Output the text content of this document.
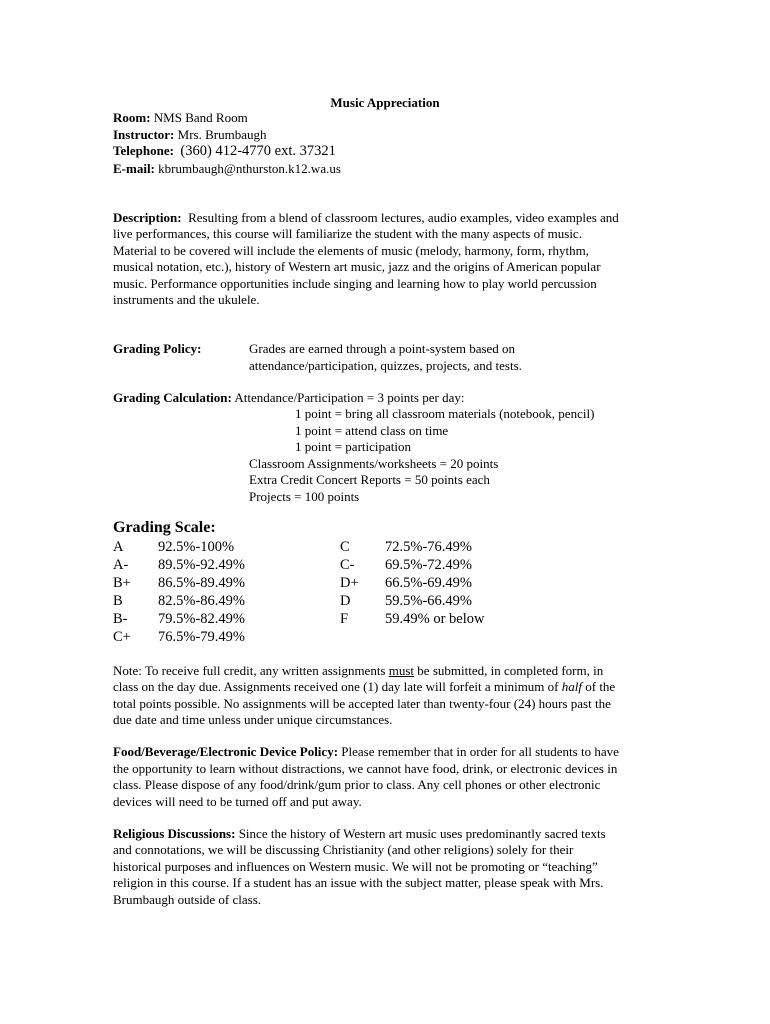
Music Appreciation
Room: NMS Band Room
Instructor: Mrs. Brumbaugh
Telephone: (360) 412-4770 ext. 37321
E-mail: kbrumbaugh@nthurston.k12.wa.us
Description: Resulting from a blend of classroom lectures, audio examples, video examples and
live performances, this course will familiarize the student with the many aspects of music.
Material to be covered will include the elements of music (melody, harmony, form, rhythm,
musical notation, etc.), history of Western art music, jazz and the origins of American popular
music. Performance opportunities include singing and learning how to play world percussion
instruments and the ukulele.
Grading Policy:	Grades are earned through a point-system based on
attendance/participation, quizzes, projects, and tests.
Grading Calculation: Attendance/Participation = 3 points per day:
1 point = bring all classroom materials (notebook, pencil)
1 point = attend class on time
1 point = participation
Classroom Assignments/worksheets = 20 points
Extra Credit Concert Reports = 50 points each
Projects = 100 points
Grading Scale:
A 92.5%-100%
A- 89.5%-92.49%
B+ 86.5%-89.49%
B 82.5%-86.49%
B- 79.5%-82.49%
C+ 76.5%-79.49%
C 72.5%-76.49%
C- 69.5%-72.49%
D+ 66.5%-69.49%
D 59.5%-66.49%
F	59.49% or below
Note: To receive full credit, any written assignments must be submitted, in completed form, in
class on the day due. Assignments received one (1) day late will forfeit a minimum of half of the
total points possible. No assignments will be accepted later than twenty-four (24) hours past the
due date and time unless under unique circumstances.
Food/Beverage/Electronic Device Policy: Please remember that in order for all students to have
the opportunity to learn without distractions, we cannot have food, drink, or electronic devices in
class. Please dispose of any food/drink/gum prior to class. Any cell phones or other electronic
devices will need to be turned off and put away.
Religious Discussions: Since the history of Western art music uses predominantly sacred texts
and connotations, we will be discussing Christianity (and other religions) solely for their
historical purposes and influences on Western music. We will not be promoting or “teaching”
religion in this course. If a student has an issue with the subject matter, please speak with Mrs.
Brumbaugh outside of class.
